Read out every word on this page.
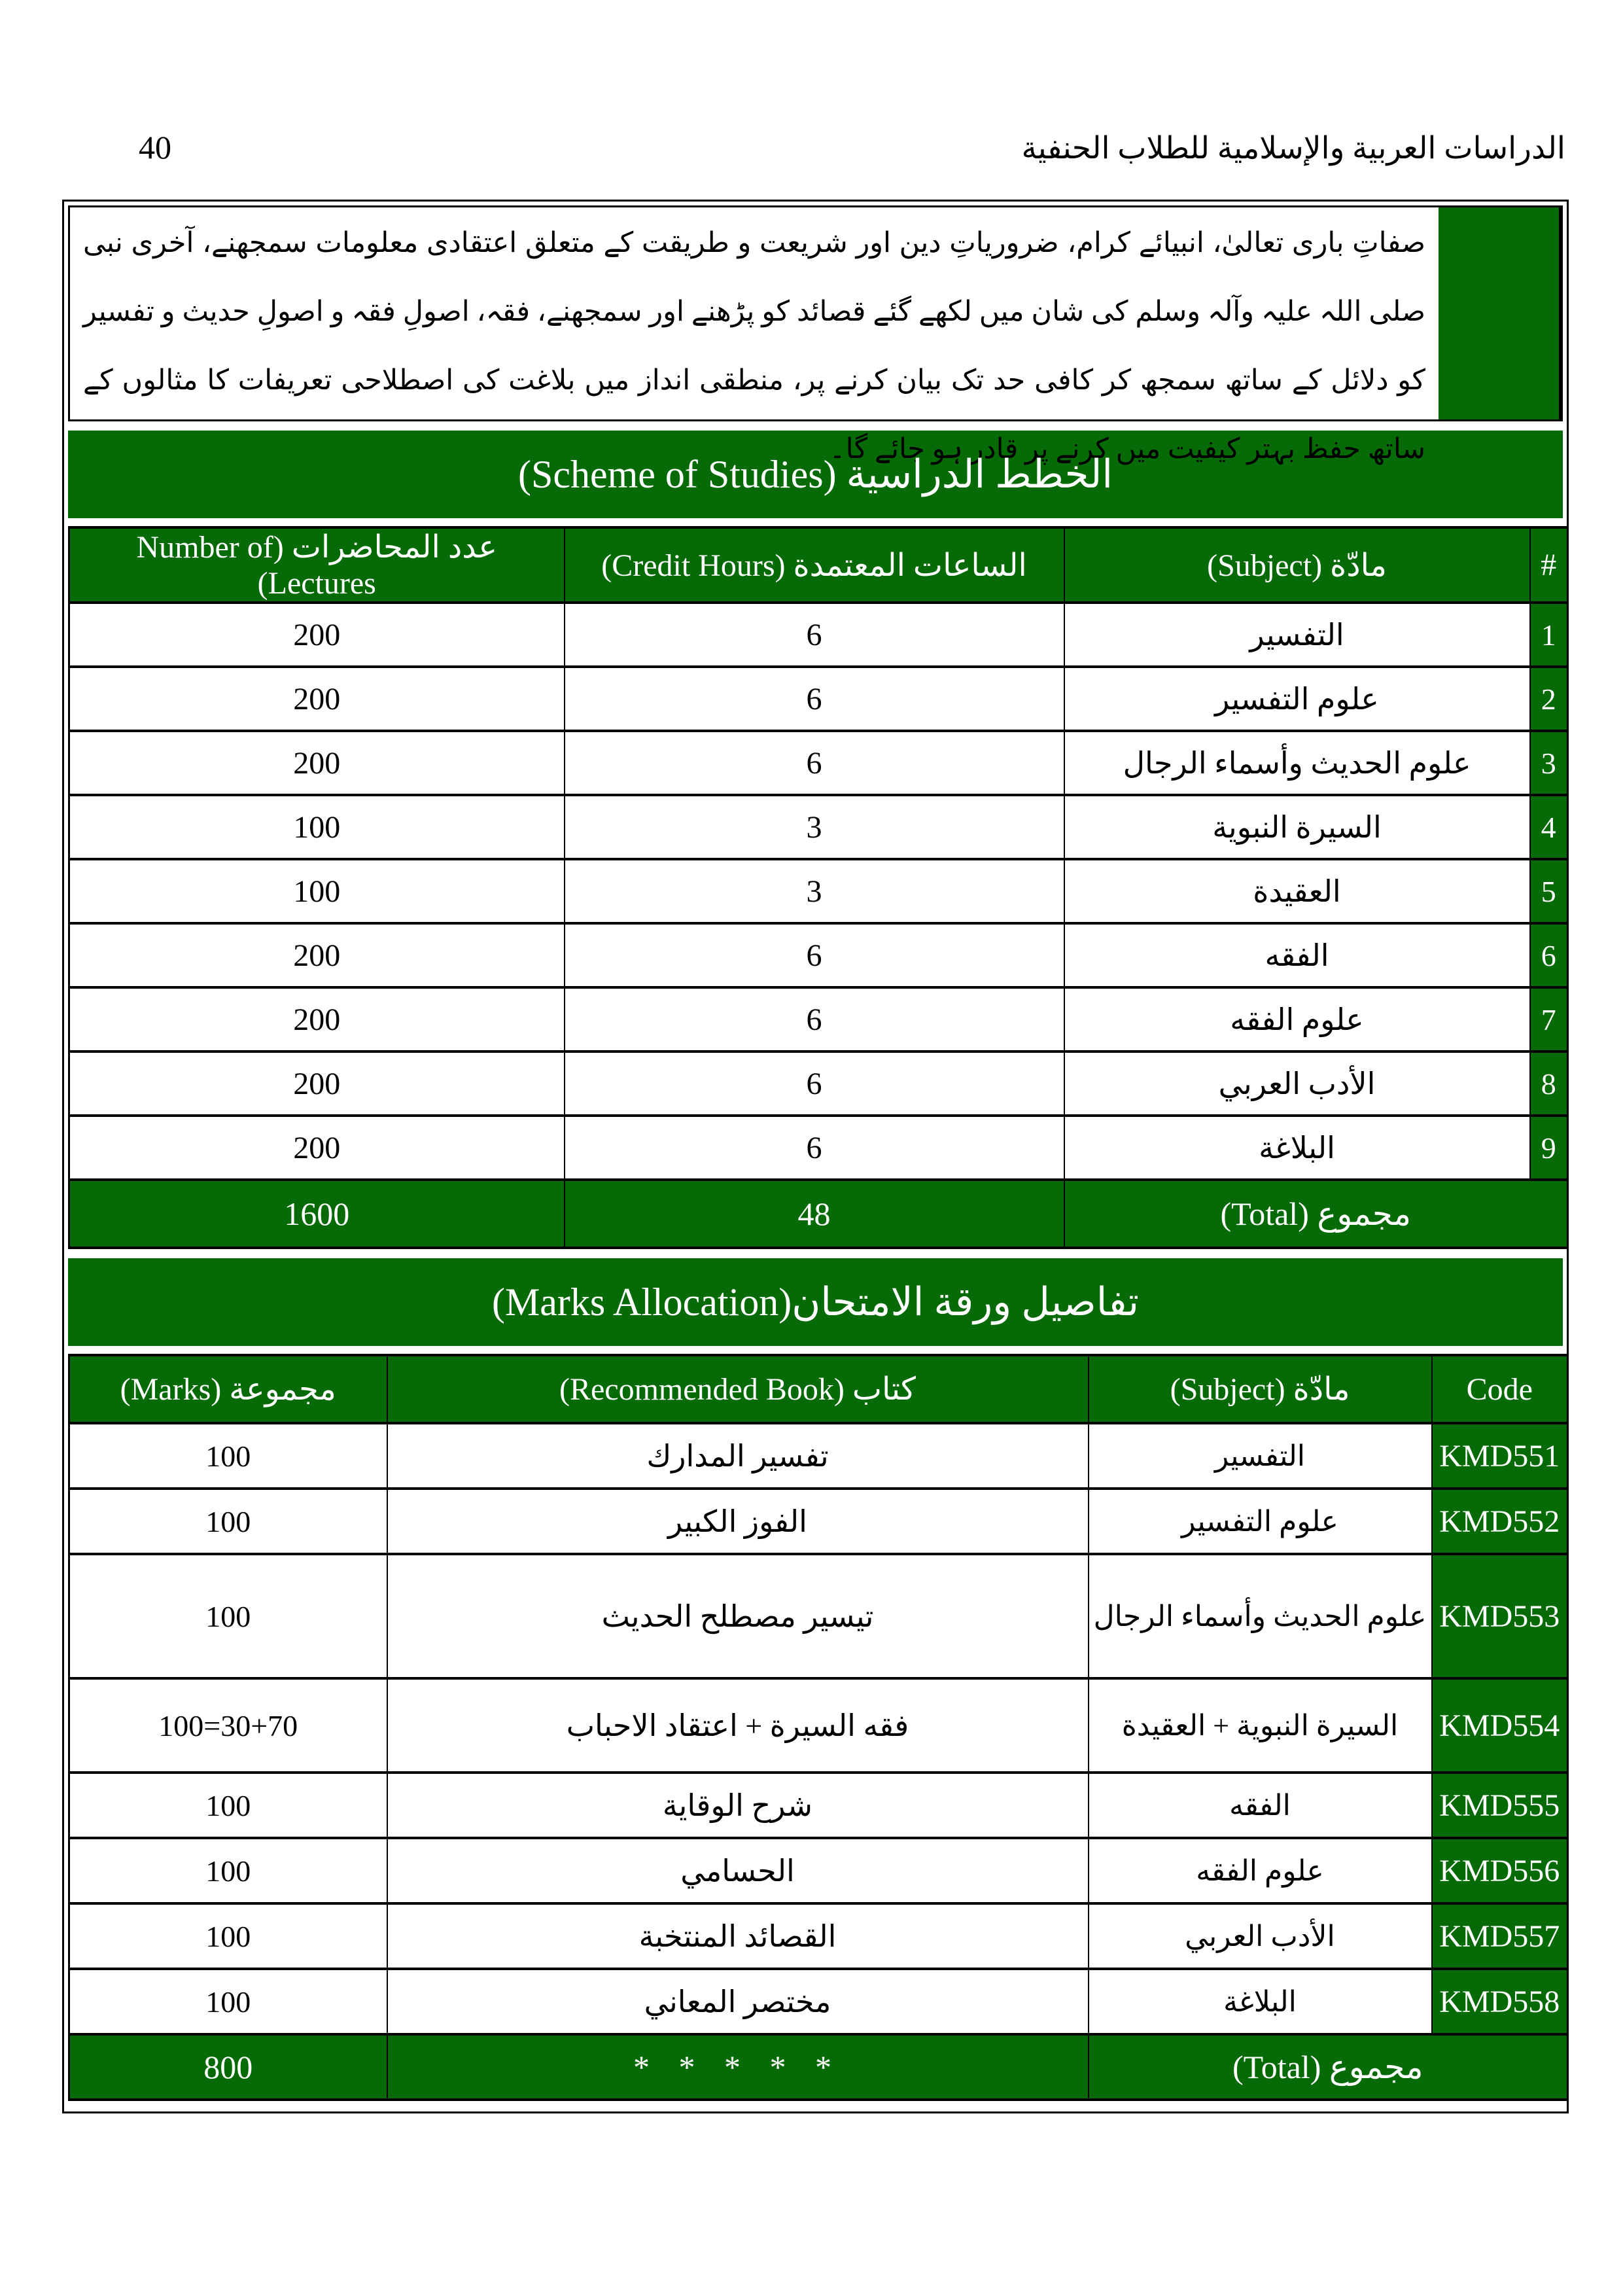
40	الدراسات العربية والإسلامية للطلاب الحنفية
صفاتِ باری تعالیٰ، انبیائے کرام، ضروریاتِ دین اور شریعت و طریقت کے متعلق اعتقادی معلومات سمجھنے، آخری نبی صلی اللہ علیہ وآلہ وسلم کی شان میں لکھے گئے قصائد کو پڑھنے اور سمجھنے، فقہ، اصولِ فقہ و اصولِ حدیث و تفسیر کو دلائل کے ساتھ سمجھ کر کافی حد تک بیان کرنے پر، منطقی انداز میں بلاغت کی اصطلاحی تعریفات کا مثالوں کے ساتھ حفظ بہتر کیفیت میں کرنے پر قادر ہو جائے گا۔
الخطط الدراسية (Scheme of Studies)
#	مادّة (Subject)	الساعات المعتمدة (Credit Hours)	عدد المحاضرات (Number of Lectures)
1	التفسير	6	200
2	علوم التفسير	6	200
3	علوم الحديث وأسماء الرجال	6	200
4	السيرة النبوية	3	100
5	العقيدة	3	100
6	الفقه	6	200
7	علوم الفقه	6	200
8	الأدب العربي	6	200
9	البلاغة	6	200
مجموع (Total)		48	1600
تفاصيل ورقة الامتحان(Marks Allocation)
Code	مادّة (Subject)	كتاب (Recommended Book)	مجموعة (Marks)
KMD551	التفسير	تفسير المدارك	100
KMD552	علوم التفسير	الفوز الكبير	100
KMD553	علوم الحديث وأسماء الرجال	تيسير مصطلح الحديث	100
KMD554	السيرة النبوية + العقيدة	فقه السيرة + اعتقاد الاحباب	100=30+70
KMD555	الفقه	شرح الوقاية	100
KMD556	علوم الفقه	الحسامي	100
KMD557	الأدب العربي	القصائد المنتخبة	100
KMD558	البلاغة	مختصر المعاني	100
مجموع (Total)		* * * * *	800
